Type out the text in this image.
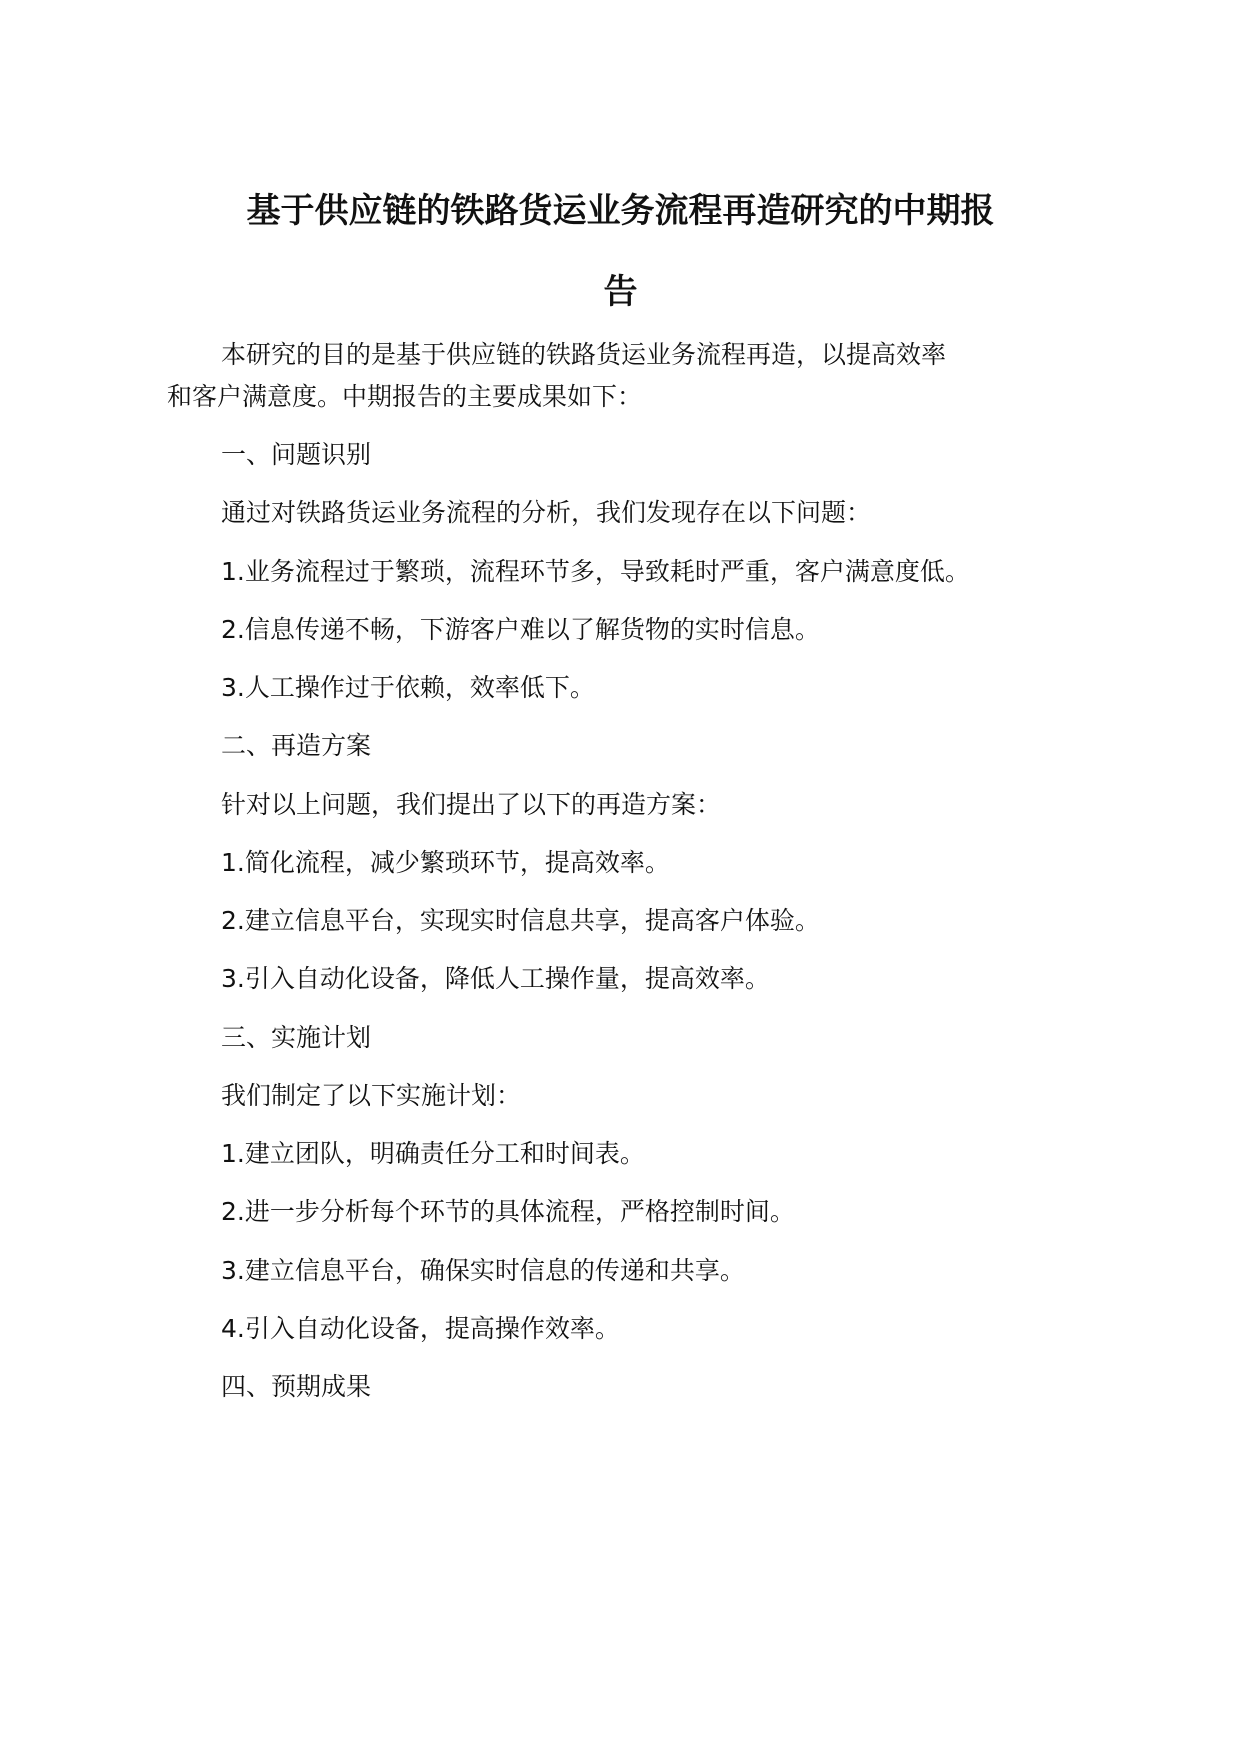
基于供应链的铁路货运业务流程再造研究的中期报
告
本研究的目的是基于供应链的铁路货运业务流程再造，以提高效率
和客户满意度。中期报告的主要成果如下：
一、问题识别
通过对铁路货运业务流程的分析，我们发现存在以下问题：
1.业务流程过于繁琐，流程环节多，导致耗时严重，客户满意度低。
2.信息传递不畅，下游客户难以了解货物的实时信息。
3.人工操作过于依赖，效率低下。
二、再造方案
针对以上问题，我们提出了以下的再造方案：
1.简化流程，减少繁琐环节，提高效率。
2.建立信息平台，实现实时信息共享，提高客户体验。
3.引入自动化设备，降低人工操作量，提高效率。
三、实施计划
我们制定了以下实施计划：
1.建立团队，明确责任分工和时间表。
2.进一步分析每个环节的具体流程，严格控制时间。
3.建立信息平台，确保实时信息的传递和共享。
4.引入自动化设备，提高操作效率。
四、预期成果
